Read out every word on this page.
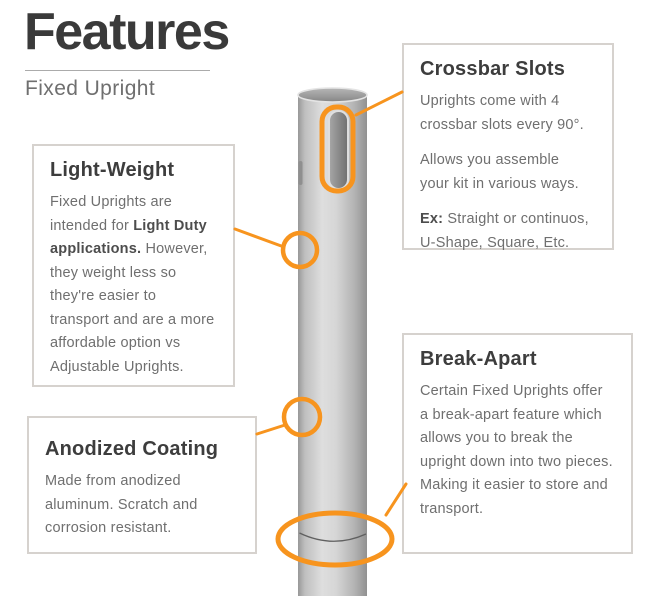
Features

Fixed Upright

Crossbar Slots

Uprights come with 4 crossbar slots every 90°.

Allows you assemble your kit in various ways.

Ex: Straight or continuos, U-Shape, Square, Etc.

Light-Weight

Fixed Uprights are intended for Light Duty applications. However, they weight less so they're easier to transport and are a more affordable option vs Adjustable Uprights.

Anodized Coating

Made from anodized aluminum. Scratch and corrosion resistant.

Break-Apart

Certain Fixed Uprights offer a break-apart feature which allows you to break the upright down into two pieces. Making it easier to store and transport.
